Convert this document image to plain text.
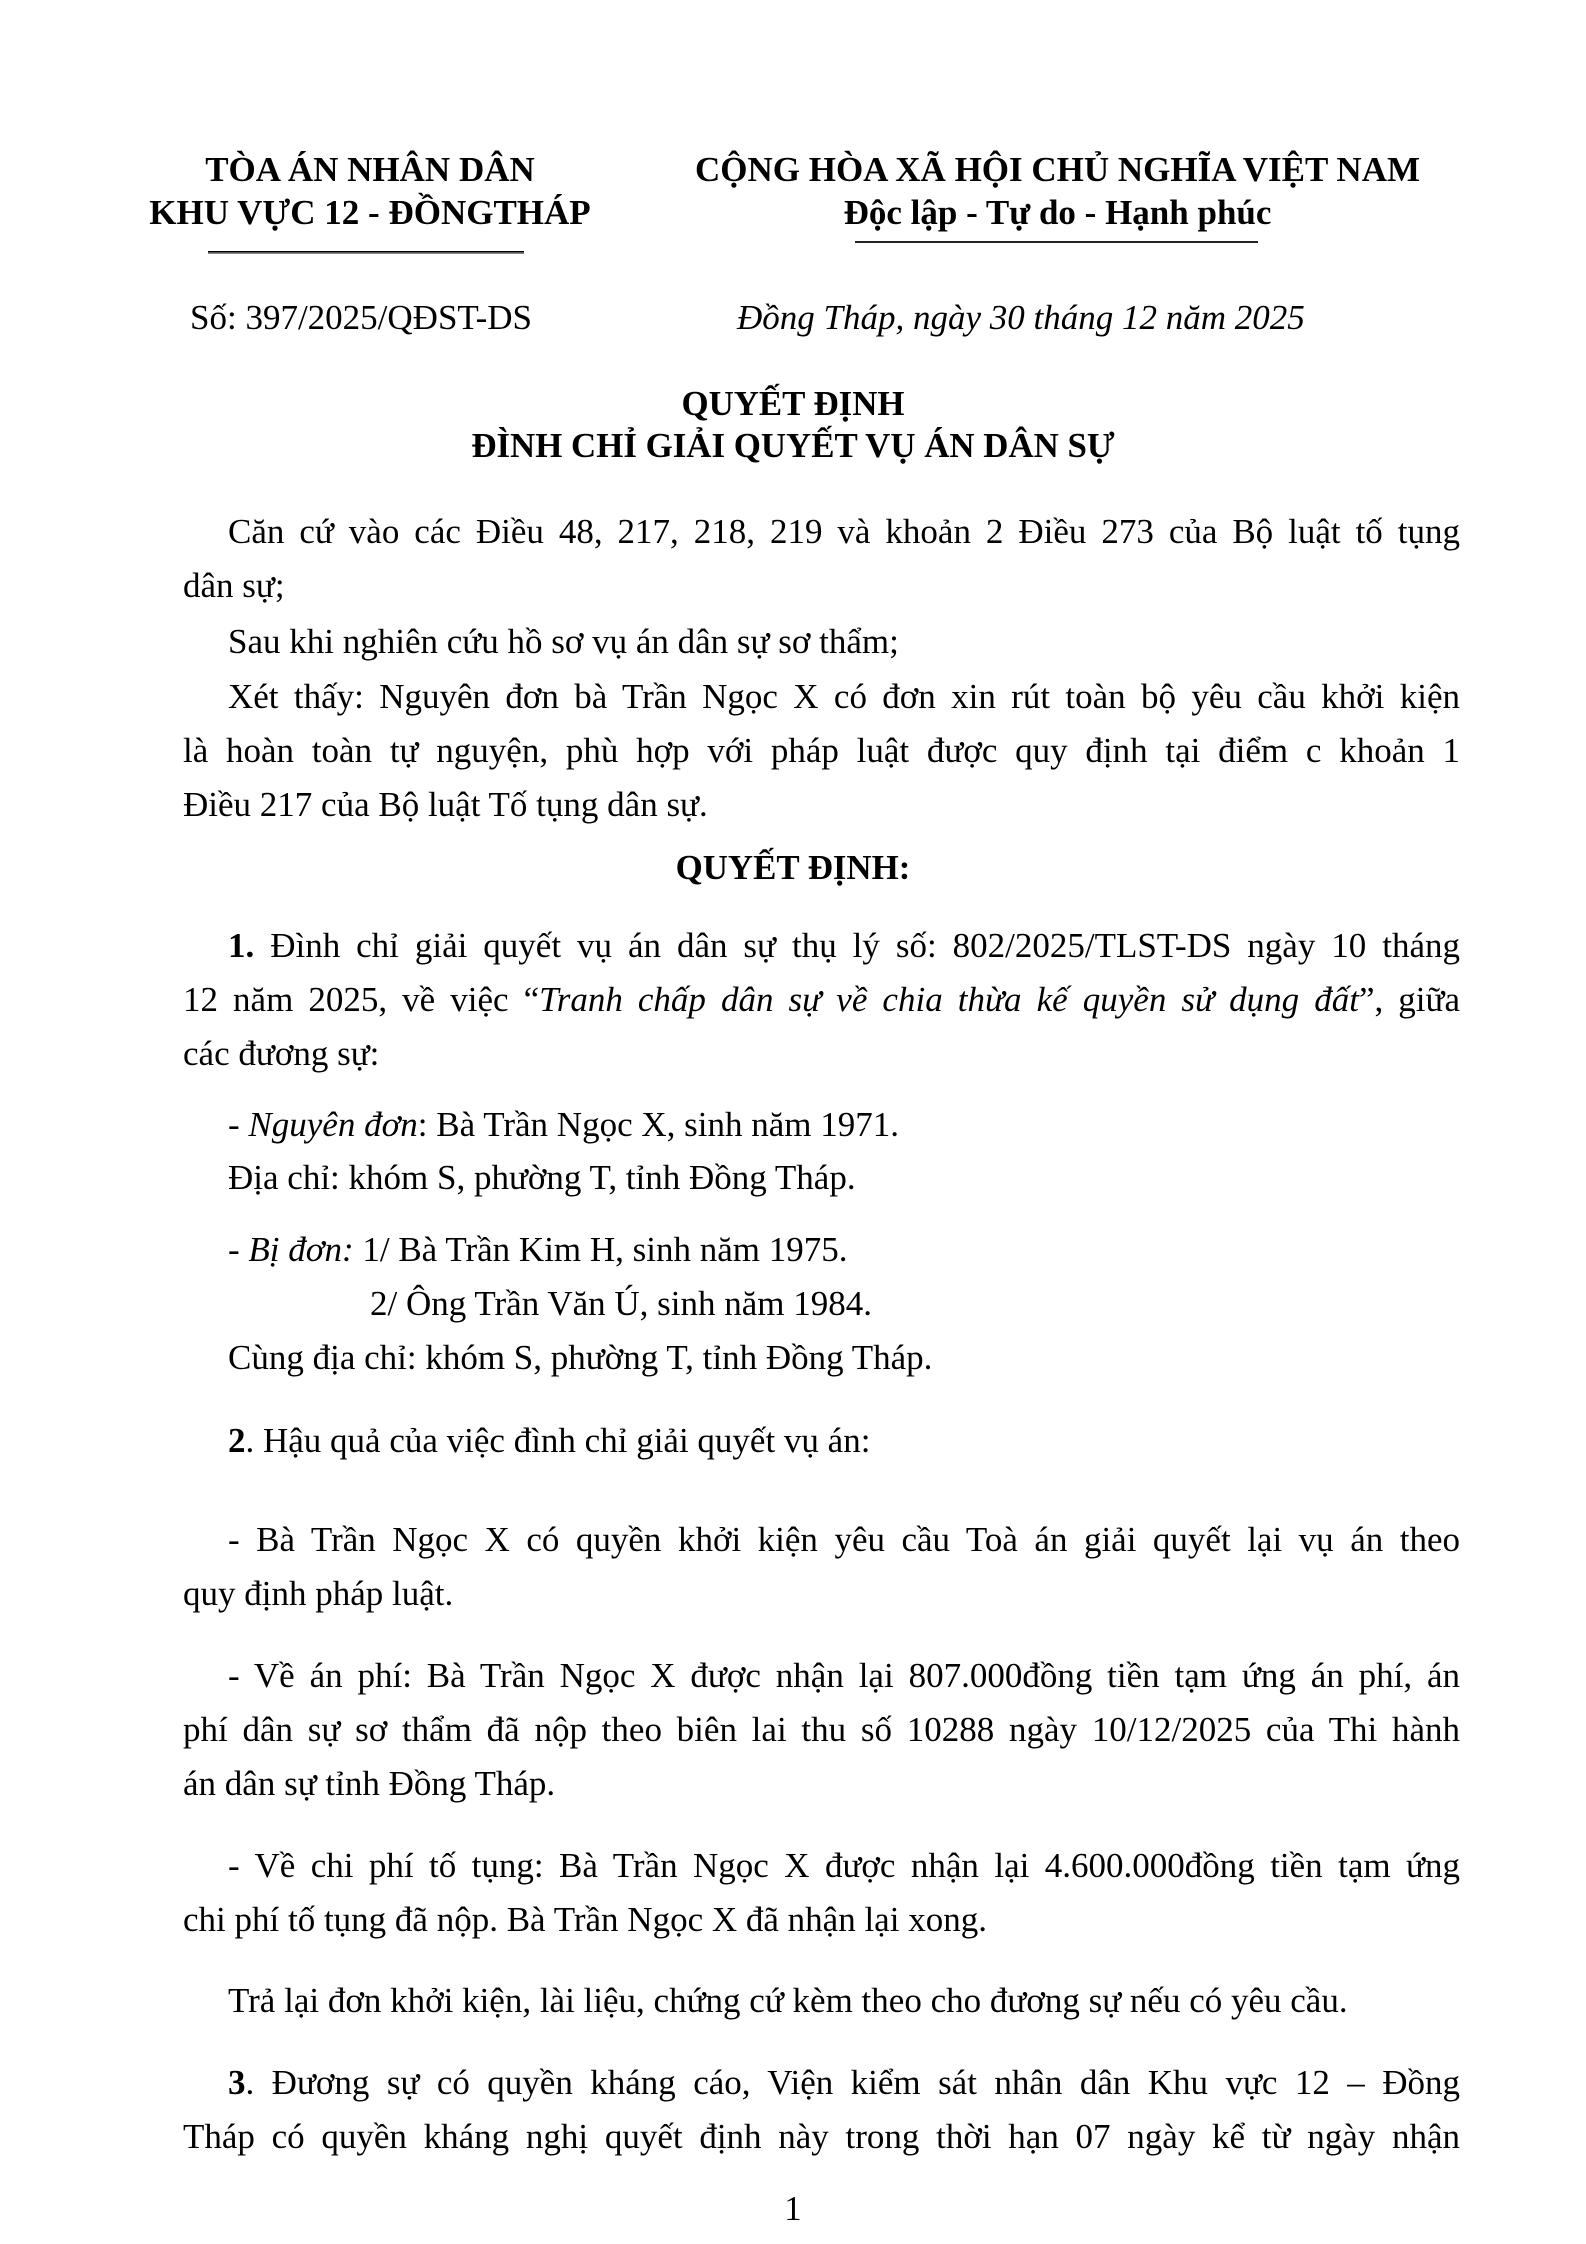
TÒA ÁN NHÂN DÂN
KHU VỰC 12 - ĐỒNGTHÁP
CỘNG HÒA XÃ HỘI CHỦ NGHĨA VIỆT NAM
Độc lập - Tự do - Hạnh phúc
Số: 397/2025/QĐST-DS	Đồng Tháp, ngày 30 tháng 12 năm 2025
QUYẾT ĐỊNH
ĐÌNH CHỈ GIẢI QUYẾT VỤ ÁN DÂN SỰ
Căn cứ vào các Điều 48, 217, 218, 219 và khoản 2 Điều 273 của Bộ luật tố tụng
dân sự;
Sau khi nghiên cứu hồ sơ vụ án dân sự sơ thẩm;
Xét thấy: Nguyên đơn bà Trần Ngọc X có đơn xin rút toàn bộ yêu cầu khởi kiện
là hoàn toàn tự nguyện, phù hợp với pháp luật được quy định tại điểm c khoản 1
Điều 217 của Bộ luật Tố tụng dân sự.
QUYẾT ĐỊNH:
1. Đình chỉ giải quyết vụ án dân sự thụ lý số: 802/2025/TLST-DS ngày 10 tháng
12 năm 2025, về việc “Tranh chấp dân sự về chia thừa kế quyền sử dụng đất”, giữa
các đương sự:
- Nguyên đơn: Bà Trần Ngọc X, sinh năm 1971.
Địa chỉ: khóm S, phường T, tỉnh Đồng Tháp.
- Bị đơn: 1/ Bà Trần Kim H, sinh năm 1975.
2/ Ông Trần Văn Ú, sinh năm 1984.
Cùng địa chỉ: khóm S, phường T, tỉnh Đồng Tháp.
2. Hậu quả của việc đình chỉ giải quyết vụ án:
- Bà Trần Ngọc X có quyền khởi kiện yêu cầu Toà án giải quyết lại vụ án theo
quy định pháp luật.
- Về án phí: Bà Trần Ngọc X được nhận lại 807.000đồng tiền tạm ứng án phí, án
phí dân sự sơ thẩm đã nộp theo biên lai thu số 10288 ngày 10/12/2025 của Thi hành
án dân sự tỉnh Đồng Tháp.
- Về chi phí tố tụng: Bà Trần Ngọc X được nhận lại 4.600.000đồng tiền tạm ứng
chi phí tố tụng đã nộp. Bà Trần Ngọc X đã nhận lại xong.
Trả lại đơn khởi kiện, lài liệu, chứng cứ kèm theo cho đương sự nếu có yêu cầu.
3. Đương sự có quyền kháng cáo, Viện kiểm sát nhân dân Khu vực 12 – Đồng
Tháp có quyền kháng nghị quyết định này trong thời hạn 07 ngày kể từ ngày nhận
1
